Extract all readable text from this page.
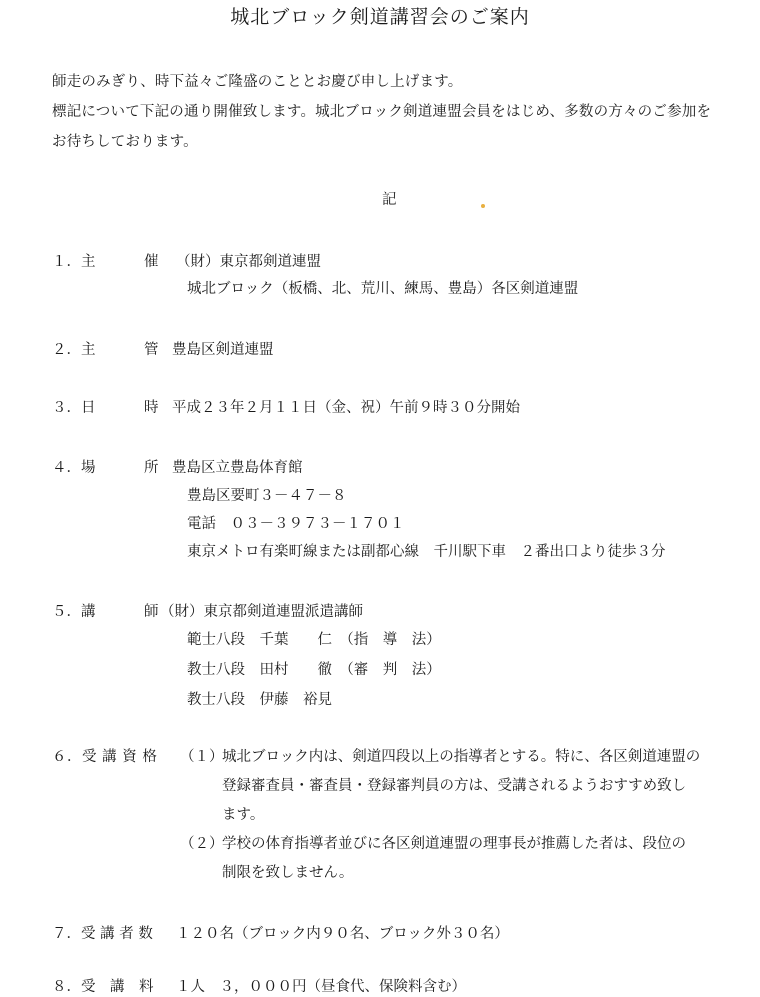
城北ブロック剣道講習会のご案内
師走のみぎり、時下益々ご隆盛のこととお慶び申し上げます。
標記について下記の通り開催致します。城北ブロック剣道連盟会員をはじめ、多数の方々のご参加を
お待ちしております。
記
１．主	催 （財）東京都剣道連盟
城北ブロック（板橋、北、荒川、練馬、豊島）各区剣道連盟
２．主	管 豊島区剣道連盟
３．日	時 平成２３年２月１１日（金、祝）午前９時３０分開始
４．場	所 豊島区立豊島体育館
豊島区要町３－４７－８
電話　０３－３９７３－１７０１
東京メトロ有楽町線または副都心線　千川駅下車　２番出口より徒歩３分
５．講	師 （財）東京都剣道連盟派遣講師
範士八段　千葉　　仁　（指　導　法）
教士八段　田村　　徹　（審　判　法）
教士八段　伊藤　裕見
６．受 講 資 格 （１）
城北ブロック内は、剣道四段以上の指導者とする。特に、各区剣道連盟の
登録審査員・審査員・登録審判員の方は、受講されるようおすすめ致し
ます。
（２）
学校の体育指導者並びに各区剣道連盟の理事長が推薦した者は、段位の
制限を致しません。
７．受 講 者 数 １２０名（ブロック内９０名、ブロック外３０名）
８．受　講　料 １人　３，０００円（昼食代、保険料含む）
